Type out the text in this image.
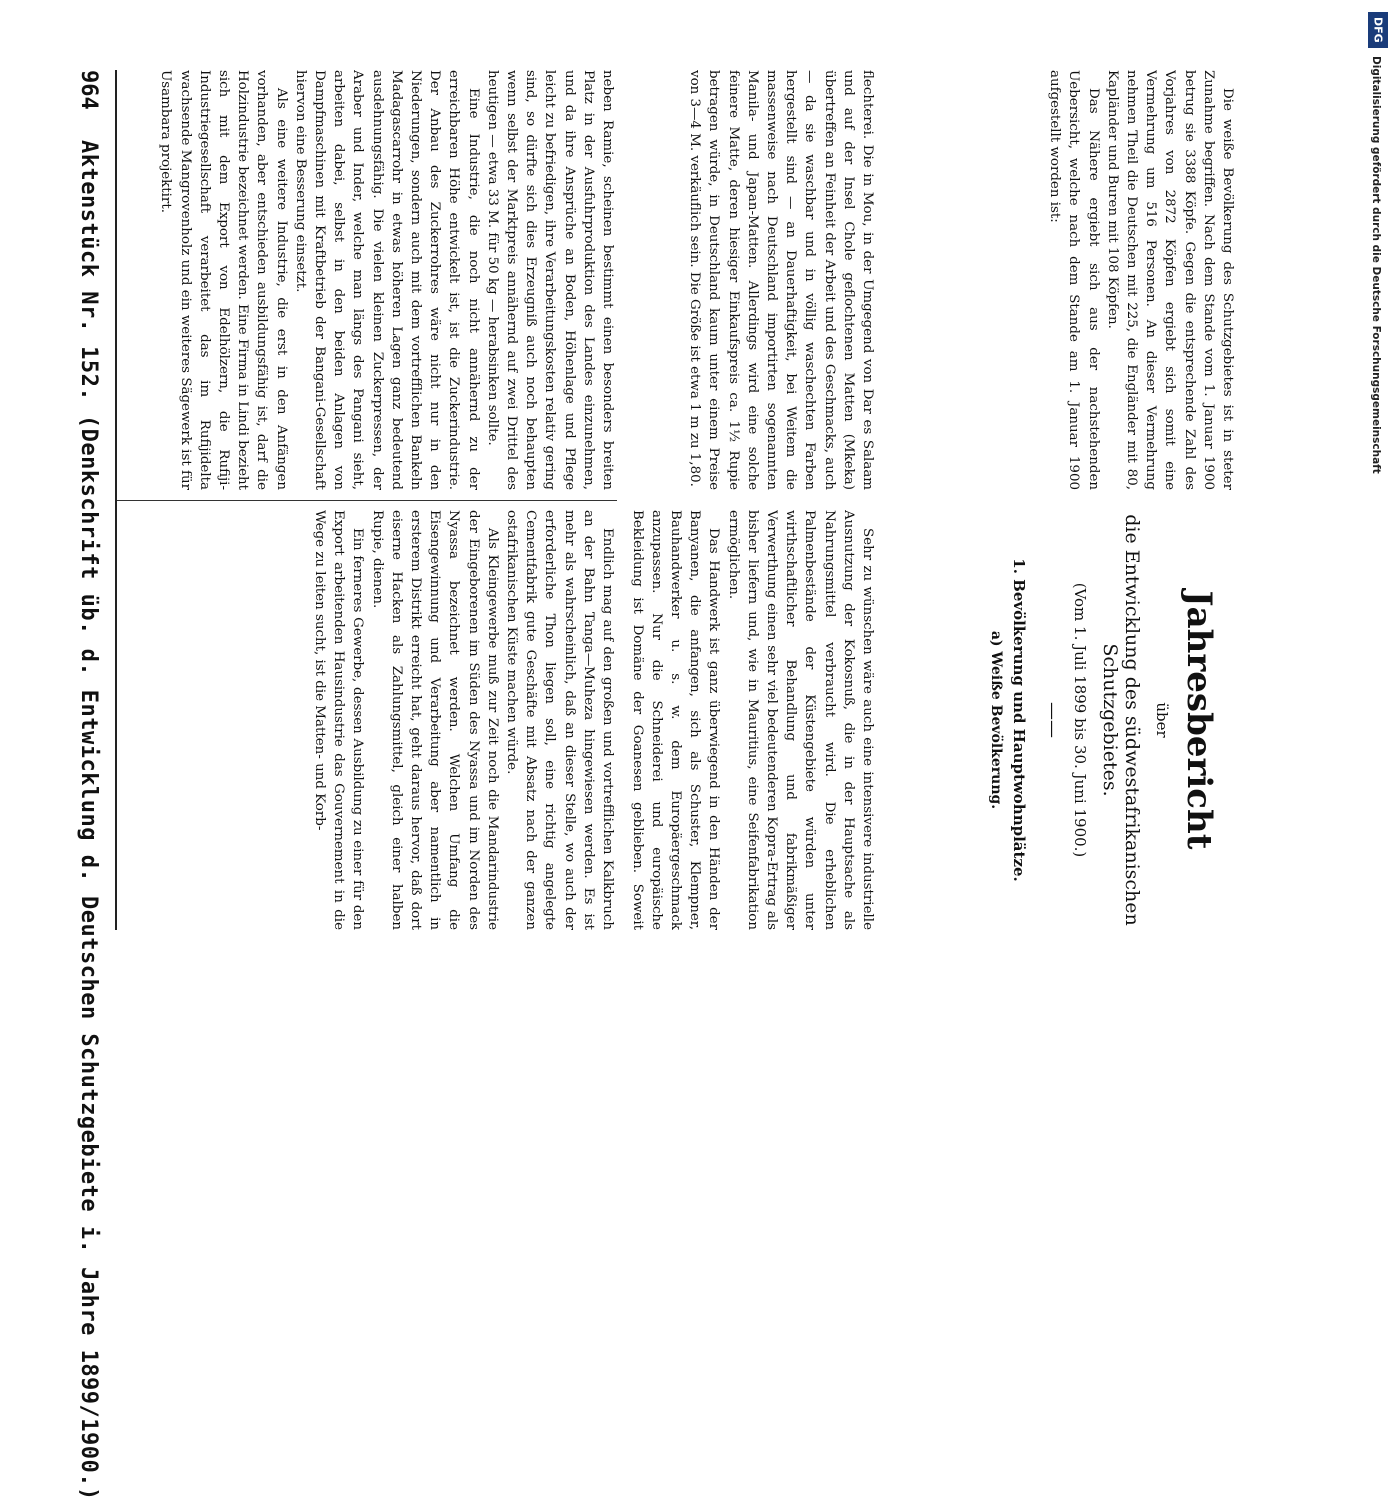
964
Aktenstück Nr. 152. (Denkschrift üb. d. Entwicklung d. Deutschen Schutzgebiete i. Jahre 1899/1900.)	neben Ramie, scheinen bestimmt einen besonders breiten Platz in der Ausfuhrproduktion des Landes einzunehmen, und da ihre Ansprüche an Boden, Höhenlage und Pflege leicht zu befriedigen, ihre Verarbeitungskosten relativ gering sind, so dürfte sich dies Erzeugniß auch noch behaupten wenn selbst der Marktpreis annähernd auf zwei Drittel des heutigen — etwa 33 M. für 50 kg — herabsinken sollte.

Eine Industrie, die noch nicht annähernd zu der erreichbaren Höhe entwickelt ist, ist die Zuckerindustrie. Der Anbau des Zuckerrohres wäre nicht nur in den Niederungen, sondern auch mit dem vortrefflichen Bankeln Madagascarrohr in etwas höheren Lagen ganz bedeutend ausdehnungsfähig. Die vielen kleinen Zuckerpressen, der Araber und Inder, welche man längs des Pangani sieht, arbeiten dabei, selbst in den beiden Anlagen von Dampfmaschinen mit Kraftbetrieb der Bangani-Gesellschaft hiervon eine Besserung einsetzt.

Als eine weitere Industrie, die erst in den Anfängen vorhanden, aber entschieden ausbildungsfähig ist, darf die Holzindustrie bezeichnet werden. Eine Firma in Lindi bezieht sich mit dem Export von Edelhölzern, die Rufiji-Industriegesellschaft verarbeitet das im Rufijidelta wachsende Mangrovenholz und ein weiteres Sägewerk ist für Usambara projektirt.

Endlich mag auf den großen und vortrefflichen Kalkbruch an der Bahn Tanga—Muheza hingewiesen werden. Es ist mehr als wahrscheinlich, daß an dieser Stelle, wo auch der erforderliche Thon liegen soll, eine richtig angelegte Cementfabrik gute Geschäfte mit Absatz nach der ganzen ostafrikanischen Küste machen würde.

Als Kleingewerbe muß zur Zeit noch die Mandarindustrie der Eingeborenen im Süden des Nyassa und im Norden des Nyassa bezeichnet werden. Welchen Umfang die Eisengewinnung und Verarbeitung aber namentlich in ersterem Distrikt erreicht hat, geht daraus hervor, daß dort eiserne Hacken als Zahlungsmittel, gleich einer halben Rupie, dienen.

Ein ferneres Gewerbe, dessen Ausbildung zu einer für den Export arbeitenden Hausindustrie das Gouvernement in die Wege zu leiten sucht, ist die Matten- und Korb-

flechterei. Die in Mou, in der Umgegend von Dar es Salaam und auf der Insel Chole geflochtenen Matten (Mkeka) übertreffen an Feinheit der Arbeit und des Geschmacks, auch — da sie waschbar und in völlig waschechten Farben hergestellt sind — an Dauerhaftigkeit, bei Weitem die massenweise nach Deutschland importirten sogenannten Manila- und Japan-Matten. Allerdings wird eine solche feinere Matte, deren hiesiger Einkaufspreis ca. 1½ Rupie betragen würde, in Deutschland kaum unter einem Preise von 3—4 M. verkäuflich sein. Die Größe ist etwa 1 m zu 1,80.

Sehr zu wünschen wäre auch eine intensivere industrielle Ausnutzung der Kokosnuß, die in der Hauptsache als Nahrungsmittel verbraucht wird. Die erheblichen Palmenbestände der Küstengebiete würden unter wirthschaftlicher Behandlung und fabrikmäßiger Verwerthung einen sehr viel bedeutenderen Kopra-Ertrag als bisher liefern und, wie in Mauritius, eine Seifenfabrikation ermöglichen.

Das Handwerk ist ganz überwiegend in den Händen der Banyanen, die anfangen, sich als Schuster, Klempner, Bauhandwerker u. s. w. dem Europäergeschmack anzupassen. Nur die Schneiderei und europäische Bekleidung ist Domäne der Goanesen geblieben. Soweit

Jahresbericht
über
die Entwicklung des südwestafrikanischen Schutzgebietes.
(Vom 1. Juli 1899 bis 30. Juni 1900.)
——
1. Bevölkerung und Hauptwohnplätze.
a) Weiße Bevölkerung.

Die weiße Bevölkerung des Schutzgebietes ist in steter Zunahme begriffen. Nach dem Stande vom 1. Januar 1900 betrug sie 3388 Köpfe. Gegen die entsprechende Zahl des Vorjahres von 2872 Köpfen ergiebt sich somit eine Vermehrung um 516 Personen. An dieser Vermehrung nehmen Theil die Deutschen mit 225, die Engländer mit 80, Kapländer und Buren mit 108 Köpfen.

Das Nähere ergiebt sich aus der nachstehenden Uebersicht, welche nach dem Stande am 1. Januar 1900 aufgestellt worden ist:

DFG
Digitalisierung gefördert durch die Deutsche Forschungsgemeinschaft
